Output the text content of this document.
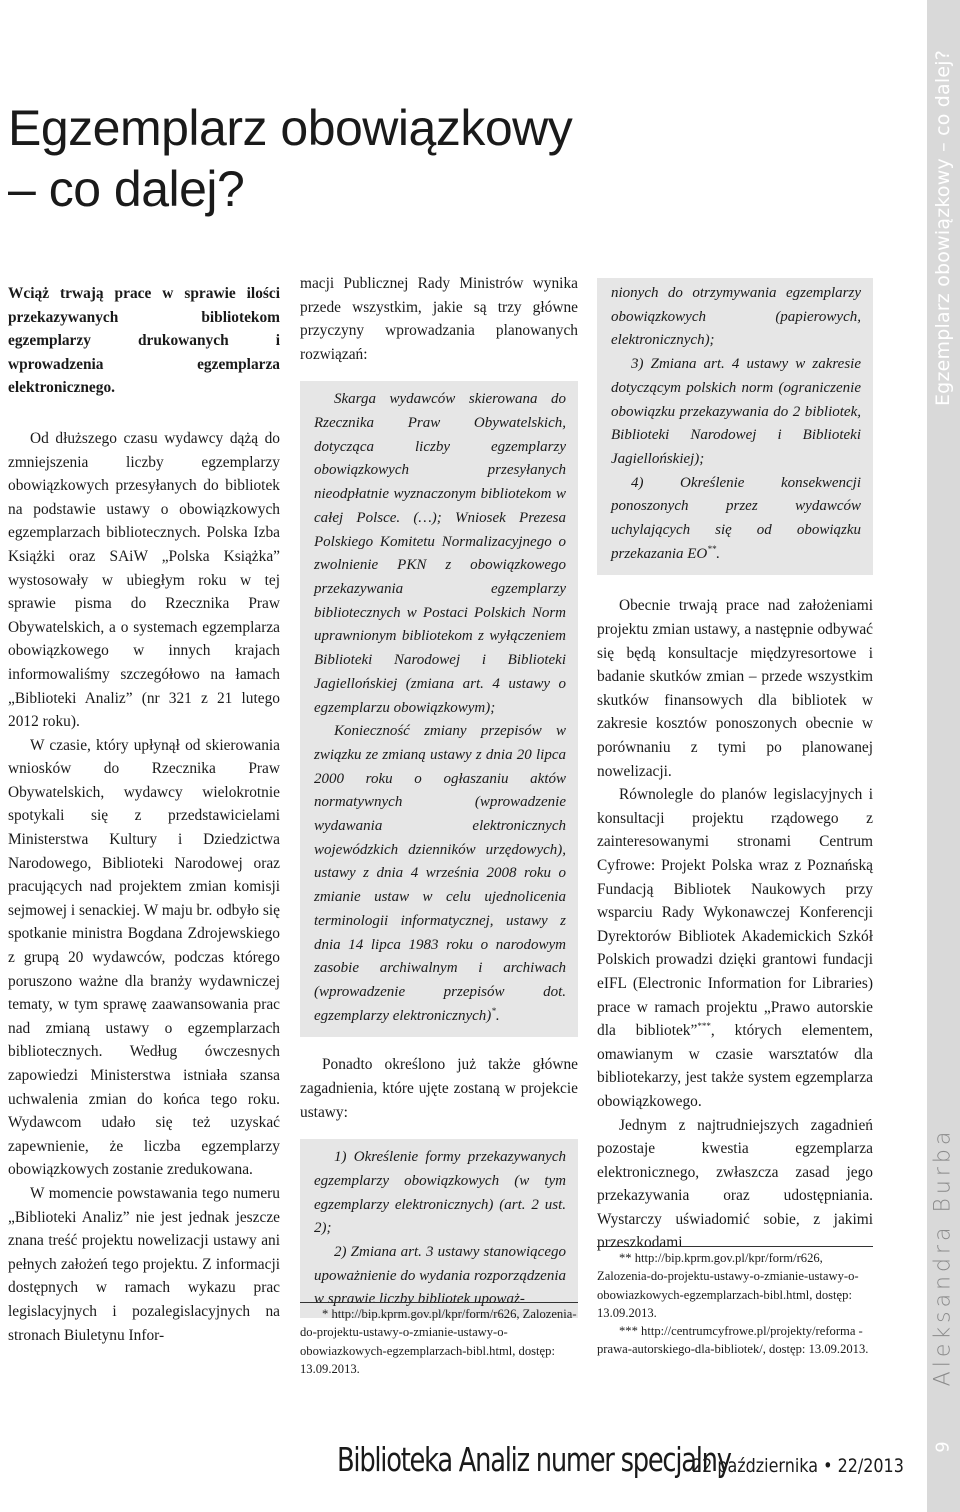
Egzemplarz obowiązkowy – co dalej?
Aleksandra Burba
9
Egzemplarz obowiązkowy
– co dalej?

Wciąż trwają prace w sprawie ilości przekazywanych bibliotekom egzemplarzy drukowanych i wprowadzenia egzemplarza elektronicznego.

Od dłuższego czasu wydawcy dążą do zmniejszenia liczby egzemplarzy obowiązkowych przesyłanych do bibliotek na podstawie ustawy o obowiązkowych egzemplarzach bibliotecznych. Polska Izba Książki oraz SAiW „Polska Książka” wystosowały w ubiegłym roku w tej sprawie pisma do Rzecznika Praw Obywatelskich, a o systemach egzemplarza obowiązkowego w innych krajach informowaliśmy szczegółowo na łamach „Biblioteki Analiz” (nr 321 z 21 lutego 2012 roku).

W czasie, który upłynął od skierowania wniosków do Rzecznika Praw Obywatelskich, wydawcy wielokrotnie spotykali się z przedstawicielami Ministerstwa Kultury i Dziedzictwa Narodowego, Biblioteki Narodowej oraz pracujących nad projektem zmian komisji sejmowej i senackiej. W maju br. odbyło się spotkanie ministra Bogdana Zdrojewskiego z grupą 20 wydawców, podczas którego poruszono ważne dla branży wydawniczej tematy, w tym sprawę zaawansowania prac nad zmianą ustawy o egzemplarzach bibliotecznych. Według ówczesnych zapowiedzi Ministerstwa istniała szansa uchwalenia zmian do końca tego roku. Wydawcom udało się też uzyskać zapewnienie, że liczba egzemplarzy obowiązkowych zostanie zredukowana.

W momencie powstawania tego numeru „Biblioteki Analiz” nie jest jednak jeszcze znana treść projektu nowelizacji ustawy ani pełnych założeń tego projektu. Z informacji dostępnych w ramach wykazu prac legislacyjnych i pozalegislacyjnych na stronach Biuletynu Infor-

macji Publicznej Rady Ministrów wynika przede wszystkim, jakie są trzy główne przyczyny wprowadzania planowanych rozwiązań:

Skarga wydawców skierowana do Rzecznika Praw Obywatelskich, dotycząca liczby egzemplarzy obowiązkowych przesyłanych nieodpłatnie wyznaczonym bibliotekom w całej Polsce. (…); Wniosek Prezesa Polskiego Komitetu Normalizacyjnego o zwolnienie PKN z obowiązkowego przekazywania egzemplarzy bibliotecznych w Postaci Polskich Norm uprawnionym bibliotekom z wyłączeniem Biblioteki Narodowej i Biblioteki Jagiellońskiej (zmiana art. 4 ustawy o egzemplarzu obowiązkowym);

Konieczność zmiany przepisów w związku ze zmianą ustawy z dnia 20 lipca 2000 roku o ogłaszaniu aktów normatywnych (wprowadzenie wydawania elektronicznych wojewódzkich dzienników urzędowych), ustawy z dnia 4 września 2008 roku o zmianie ustaw w celu ujednolicenia terminologii informatycznej, ustawy z dnia 14 lipca 1983 roku o narodowym zasobie archiwalnym i archiwach (wprowadzenie przepisów dot. egzemplarzy elektronicznych)*.

Ponadto określono już także główne zagadnienia, które ujęte zostaną w projekcie ustawy:

1) Określenie formy przekazywanych egzemplarzy obowiązkowych (w tym egzemplarzy elektronicznych) (art. 2 ust. 2);

2) Zmiana art. 3 ustawy stanowiącego upoważnienie do wydania rozporządzenia w sprawie liczby bibliotek upoważ-

* http://bip.kprm.gov.pl/kpr/form/r626, Zalozenia-do-projektu-ustawy-o-zmianie-ustawy-o-obowiazkowych-egzemplarzach-bibl.html, dostęp: 13.09.2013.

nionych do otrzymywania egzemplarzy obowiązkowych (papierowych, elektronicznych);

3) Zmiana art. 4 ustawy w zakresie dotyczącym polskich norm (ograniczenie obowiązku przekazywania do 2 bibliotek, Biblioteki Narodowej i Biblioteki Jagiellońskiej);

4) Określenie konsekwencji ponoszonych przez wydawców uchylających się od obowiązku przekazania EO**.

Obecnie trwają prace nad założeniami projektu zmian ustawy, a następnie odbywać się będą konsultacje międzyresortowe i badanie skutków zmian – przede wszystkim skutków finansowych dla bibliotek w zakresie kosztów ponoszonych obecnie w porównaniu z tymi po planowanej nowelizacji.

Równolegle do planów legislacyjnych i konsultacji projektu rządowego z zainteresowanymi stronami Centrum Cyfrowe: Projekt Polska wraz z Poznańską Fundacją Bibliotek Naukowych przy wsparciu Rady Wykonawczej Konferencji Dyrektorów Bibliotek Akademickich Szkół Polskich prowadzi dzięki grantowi fundacji eIFL (Electronic Information for Libraries) prace w ramach projektu „Prawo autorskie dla bibliotek”***, których elementem, omawianym w czasie warsztatów dla bibliotekarzy, jest także system egzemplarza obowiązkowego.

Jednym z najtrudniejszych zagadnień pozostaje kwestia egzemplarza elektronicznego, zwłaszcza zasad jego przekazywania oraz udostępniania. Wystarczy uświadomić sobie, z jakimi przeszkodami

** http://bip.kprm.gov.pl/kpr/form/r626, Zalozenia-do-projektu-ustawy-o-zmianie-ustawy-o-obowiazkowych-egzemplarzach-bibl.html, dostęp: 13.09.2013.

*** http://centrumcyfrowe.pl/projekty/reforma -prawa-autorskiego-dla-bibliotek/, dostęp: 13.09.2013.

Biblioteka Analiz numer specjalny
22 października • 22/2013
